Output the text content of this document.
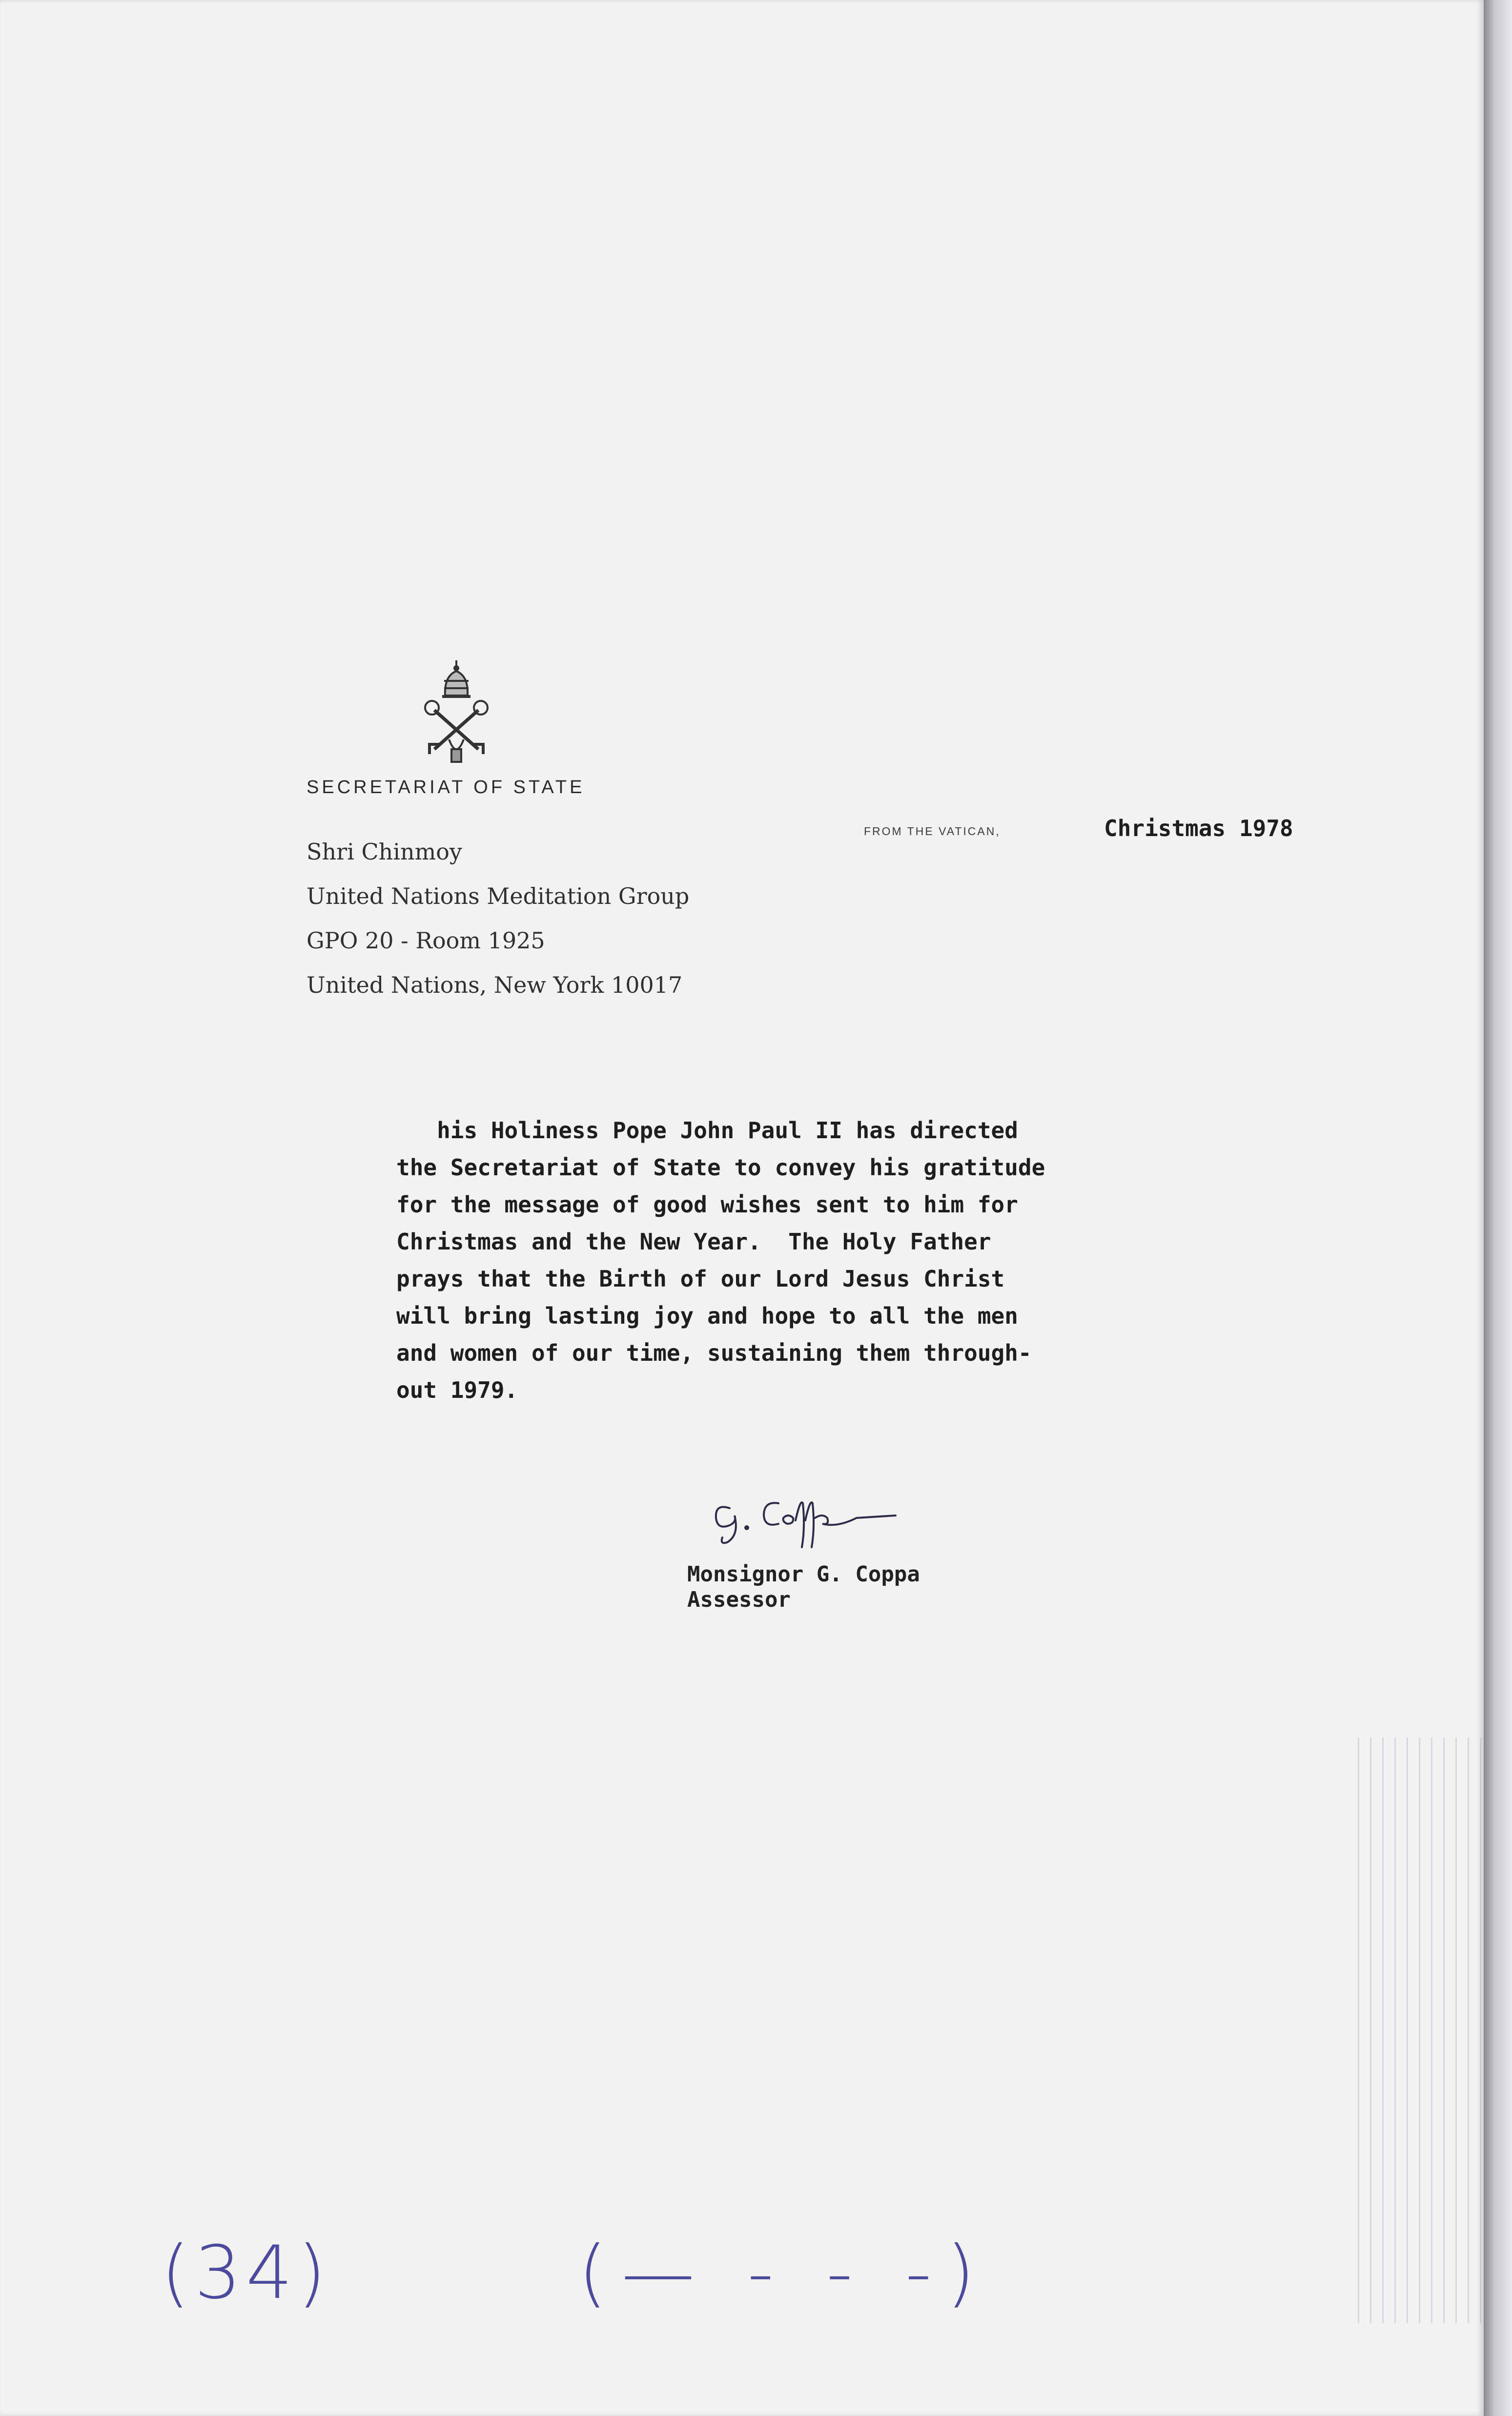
SECRETARIAT OF STATE
FROM THE VATICAN,	Christmas 1978
Shri Chinmoy
United Nations Meditation Group
GPO 20 - Room 1925
United Nations, New York 10017
his Holiness Pope John Paul II has directed
the Secretariat of State to convey his gratitude
for the message of good wishes sent to him for
Christmas and the New Year.  The Holy Father
prays that the Birth of our Lord Jesus Christ
will bring lasting joy and hope to all the men
and women of our time, sustaining them through-
out 1979.
Monsignor G. Coppa
Assessor
(34)	(— - - -)
